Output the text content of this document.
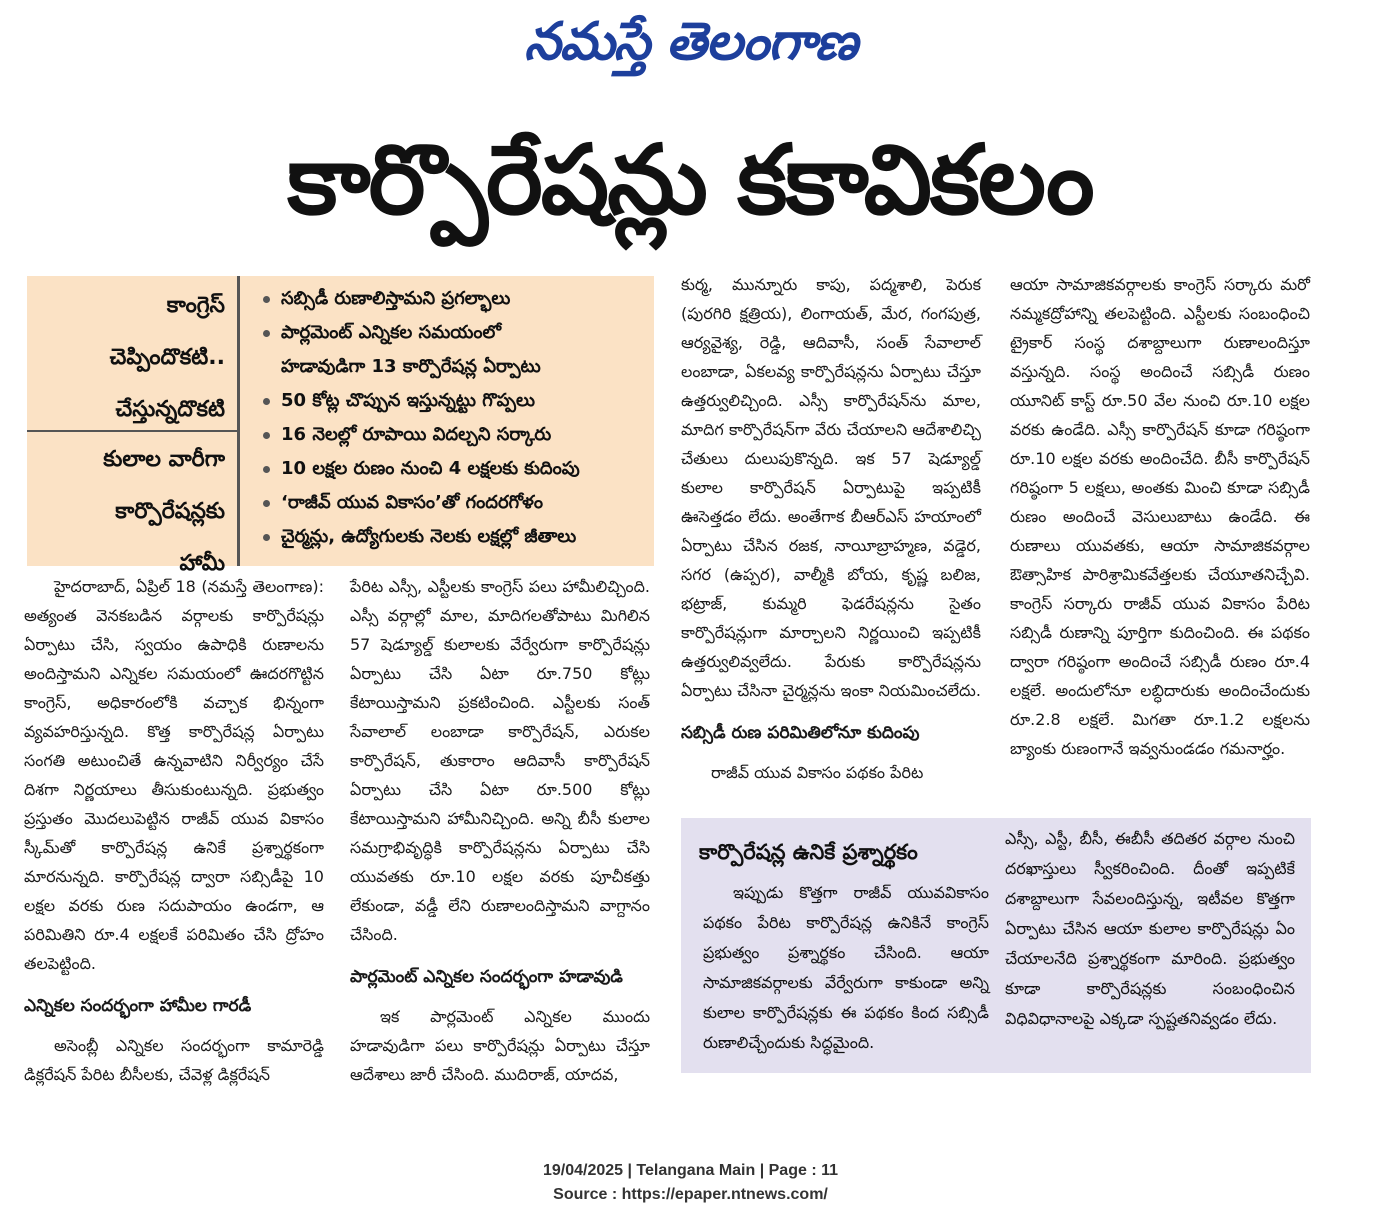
నమస్తే తెలంగాణ
కార్పొరేషన్లు కకావికలం
కాంగ్రెస్
చెప్పిందొకటి..
చేస్తున్నదొకటి
కులాల వారీగా
కార్పొరేషన్లకు
హామీ
సబ్సిడీ రుణాలిస్తామని ప్రగల్భాలు
పార్లమెంట్ ఎన్నికల సమయంలో
హడావుడిగా 13 కార్పొరేషన్ల ఏర్పాటు
50 కోట్ల చొప్పున ఇస్తున్నట్టు గొప్పలు
16 నెలల్లో రూపాయి విదల్చని సర్కారు
10 లక్షల రుణం నుంచి 4 లక్షలకు కుదింపు
‘రాజీవ్ యువ వికాసం’తో గందరగోళం
చైర్మన్లు, ఉద్యోగులకు నెలకు లక్షల్లో జీతాలు

హైదరాబాద్, ఏప్రిల్ 18 (నమస్తే తెలంగాణ): అత్యంత వెనకబడిన వర్గాలకు కార్పొరేషన్లు ఏర్పాటు చేసి, స్వయం ఉపాధికి రుణాలను అందిస్తామని ఎన్నికల సమయంలో ఊదరగొట్టిన కాంగ్రెస్, అధికారంలోకి వచ్చాక భిన్నంగా వ్యవహరిస్తున్నది. కొత్త కార్పొరేషన్ల ఏర్పాటు సంగతి అటుంచితే ఉన్నవాటిని నిర్వీర్యం చేసే దిశగా నిర్ణయాలు తీసుకుంటున్నది. ప్రభుత్వం ప్రస్తుతం మొదలుపెట్టిన రాజీవ్ యువ వికాసం స్కీమ్‌తో కార్పొరేషన్ల ఉనికే ప్రశ్నార్థకంగా మారనున్నది. కార్పొరేషన్ల ద్వారా సబ్సిడీపై 10 లక్షల వరకు రుణ సదుపాయం ఉండగా, ఆ పరిమితిని రూ.4 లక్షలకే పరిమితం చేసి ద్రోహం తలపెట్టింది.

ఎన్నికల సందర్భంగా హామీల గారడీ

అసెంబ్లీ ఎన్నికల సందర్భంగా కామారెడ్డి డిక్లరేషన్ పేరిట బీసీలకు, చేవెళ్ల డిక్లరేషన్

పేరిట ఎస్సీ, ఎస్టీలకు కాంగ్రెస్ పలు హామీలిచ్చింది. ఎస్సీ వర్గాల్లో మాల, మాదిగలతోపాటు మిగిలిన 57 షెడ్యూల్డ్ కులాలకు వేర్వేరుగా కార్పొరేషన్లు ఏర్పాటు చేసి ఏటా రూ.750 కోట్లు కేటాయిస్తామని ప్రకటించింది. ఎస్టీలకు సంత్ సేవాలాల్ లంబాడా కార్పొరేషన్, ఎరుకల కార్పొరేషన్, తుకారాం ఆదివాసీ కార్పొరేషన్ ఏర్పాటు చేసి ఏటా రూ.500 కోట్లు కేటాయిస్తామని హామీనిచ్చింది. అన్ని బీసీ కులాల సమగ్రాభివృద్ధికి కార్పొరేషన్లను ఏర్పాటు చేసి యువతకు రూ.10 లక్షల వరకు పూచీకత్తు లేకుండా, వడ్డీ లేని రుణాలందిస్తామని వాగ్దానం చేసింది.

పార్లమెంట్ ఎన్నికల సందర్భంగా హడావుడి

ఇక పార్లమెంట్ ఎన్నికల ముందు హడావుడిగా పలు కార్పొరేషన్లు ఏర్పాటు చేస్తూ ఆదేశాలు జారీ చేసింది. ముదిరాజ్, యాదవ,

కుర్మ, మున్నూరు కాపు, పద్మశాలి, పెరుక (పురగిరి క్షత్రియ), లింగాయత్, మేర, గంగపుత్ర, ఆర్యవైశ్య, రెడ్డి, ఆదివాసీ, సంత్ సేవాలాల్ లంబాడా, ఏకలవ్య కార్పొరేషన్లను ఏర్పాటు చేస్తూ ఉత్తర్వులిచ్చింది. ఎస్సీ కార్పొరేషన్‌ను మాల, మాదిగ కార్పొరేషన్‌గా వేరు చేయాలని ఆదేశాలిచ్చి చేతులు దులుపుకొన్నది. ఇక 57 షెడ్యూల్డ్ కులాల కార్పొరేషన్ ఏర్పాటుపై ఇప్పటికీ ఊసెత్తడం లేదు. అంతేగాక బీఆర్‌ఎస్ హయాంలో ఏర్పాటు చేసిన రజక, నాయీబ్రాహ్మణ, వడ్డెర, సగర (ఉప్పర), వాల్మీకి బోయ, కృష్ణ బలిజ, భట్రాజ్, కుమ్మరి ఫెడరేషన్లను సైతం కార్పొరేషన్లుగా మార్చాలని నిర్ణయించి ఇప్పటికీ ఉత్తర్వులివ్వలేదు. పేరుకు కార్పొరేషన్లను ఏర్పాటు చేసినా చైర్మన్లను ఇంకా నియమించలేదు.

సబ్సిడీ రుణ పరిమితిలోనూ కుదింపు

రాజీవ్ యువ వికాసం పథకం పేరిట

ఆయా సామాజికవర్గాలకు కాంగ్రెస్ సర్కారు మరో నమ్మకద్రోహాన్ని తలపెట్టింది. ఎస్టీలకు సంబంధించి ట్రైకార్ సంస్థ దశాబ్దాలుగా రుణాలందిస్తూ వస్తున్నది. సంస్థ అందించే సబ్సిడీ రుణం యూనిట్ కాస్ట్ రూ.50 వేల నుంచి రూ.10 లక్షల వరకు ఉండేది. ఎస్సీ కార్పొరేషన్ కూడా గరిష్ఠంగా రూ.10 లక్షల వరకు అందించేది. బీసీ కార్పొరేషన్ గరిష్ఠంగా 5 లక్షలు, అంతకు మించి కూడా సబ్సిడీ రుణం అందించే వెసులుబాటు ఉండేది. ఈ రుణాలు యువతకు, ఆయా సామాజికవర్గాల ఔత్సాహిక పారిశ్రామికవేత్తలకు చేయూతనిచ్చేవి. కాంగ్రెస్ సర్కారు రాజీవ్ యువ వికాసం పేరిట సబ్సిడీ రుణాన్ని పూర్తిగా కుదించింది. ఈ పథకం ద్వారా గరిష్ఠంగా అందించే సబ్సిడీ రుణం రూ.4 లక్షలే. అందులోనూ లబ్ధిదారుకు అందించేందుకు రూ.2.8 లక్షలే. మిగతా రూ.1.2 లక్షలను బ్యాంకు రుణంగానే ఇవ్వనుండడం గమనార్హం.

కార్పొరేషన్ల ఉనికే ప్రశ్నార్థకం

ఇప్పుడు కొత్తగా రాజీవ్ యువవికాసం పథకం పేరిట కార్పొరేషన్ల ఉనికినే కాంగ్రెస్ ప్రభుత్వం ప్రశ్నార్థకం చేసింది. ఆయా సామాజికవర్గాలకు వేర్వేరుగా కాకుండా అన్ని కులాల కార్పొరేషన్లకు ఈ పథకం కింద సబ్సిడీ రుణాలిచ్చేందుకు సిద్ధమైంది.

ఎస్సీ, ఎస్టీ, బీసీ, ఈబీసీ తదితర వర్గాల నుంచి దరఖాస్తులు స్వీకరించింది. దీంతో ఇప్పటికే దశాబ్దాలుగా సేవలందిస్తున్న, ఇటీవల కొత్తగా ఏర్పాటు చేసిన ఆయా కులాల కార్పొరేషన్లు ఏం చేయాలనేది ప్రశ్నార్థకంగా మారింది. ప్రభుత్వం కూడా కార్పొరేషన్లకు సంబంధించిన విధివిధానాలపై ఎక్కడా స్పష్టతనివ్వడం లేదు.

19/04/2025 | Telangana Main | Page : 11
Source : https://epaper.ntnews.com/
